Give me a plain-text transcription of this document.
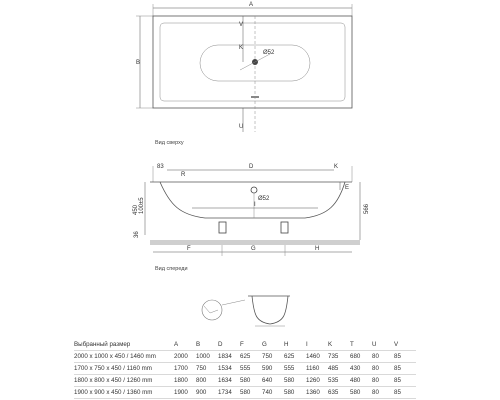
A
B
V
K
U
Ø52
Вид сверху
D
83	K
R
E
Ø52
I
450 100±5
36
566
F	G	H
Вид спереди
Выбранный размер	A	B	D	F	G	H	I	K	T	U	V
2000 x 1000 x 450 / 1460 mm	2000	1000	1834	625	750	625	1460	735	680	80	85
1700 x 750 x 450 / 1160 mm	1700	750	1534	555	590	555	1160	485	430	80	85
1800 x 800 x 450 / 1260 mm	1800	800	1634	580	640	580	1260	535	480	80	85
1900 x 900 x 450 / 1360 mm	1900	900	1734	580	740	580	1360	635	580	80	85
